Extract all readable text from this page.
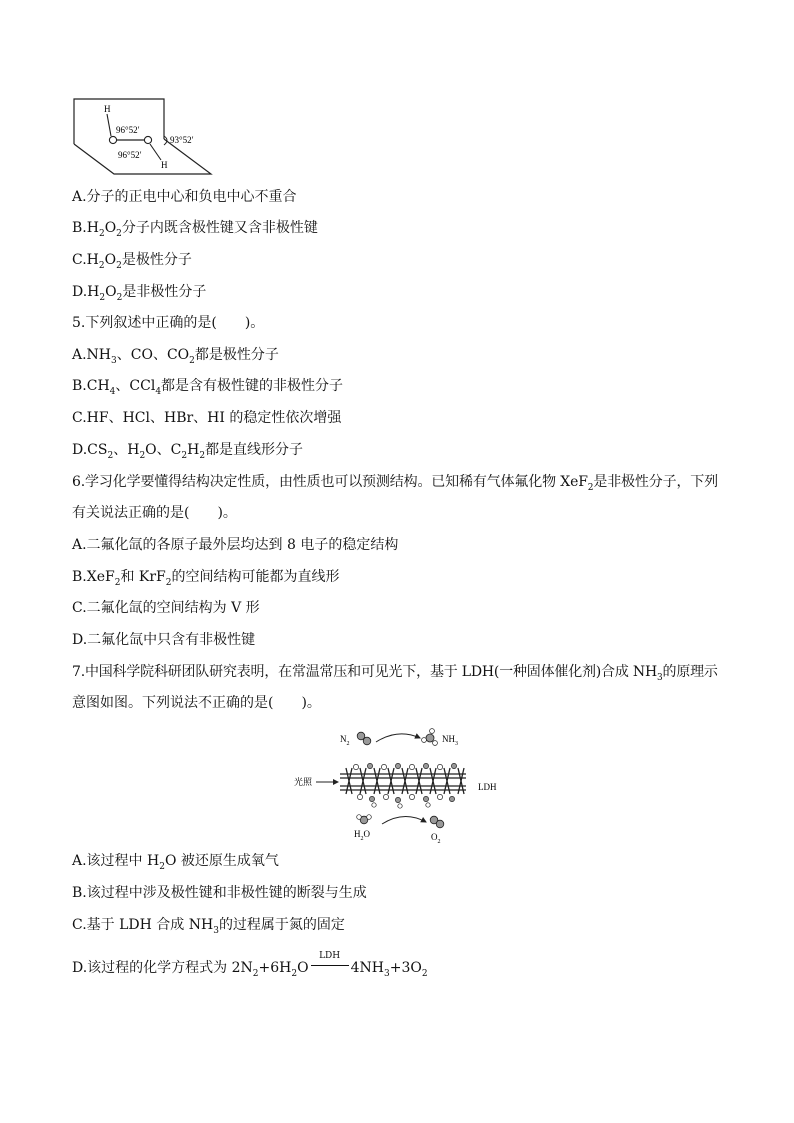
H
H
96°52′
96°52′
93°52′
A.分子的正电中心和负电中心不重合
$B.H_2O_2$分子内既含极性键又含非极性键
$C.H_2O_2$是极性分子
$D.H_2O_2$是非极性分子
5.下列叙述中正确的是(　　)。
$A.NH_3$、CO、$CO_2$都是极性分子
$B.CH_4$、CCl$_4$都是含有极性键的非极性分子
C.HF、HCl、HBr、HI 的稳定性依次增强
$D.CS_2$、$H_2O$、$C_2H_2$都是直线形分子
6.学习化学要懂得结构决定性质，由性质也可以预测结构。已知稀有气体氟化物 XeF$_2$是非极性分子，下列
有关说法正确的是(　　)。
A.二氟化氙的各原子最外层均达到 8 电子的稳定结构
B.XeF$_2$和 KrF$_2$的空间结构可能都为直线形
C.二氟化氙的空间结构为 V 形
D.二氟化氙中只含有非极性键
7.中国科学院科研团队研究表明，在常温常压和可见光下，基于 LDH(一种固体催化剂)合成 $NH_3$的原理示
意图如图。下列说法不正确的是(　　)。
$N_2$	$NH_3$
光照	LDH
$H_2O$	$O_2$
A.该过程中 $H_2O$ 被还原生成氧气
B.该过程中涉及极性键和非极性键的断裂与生成
C.基于 LDH 合成 $NH_3$的过程属于氮的固定
D.该过程的化学方程式为 $2N_2+6H_2O$
LDH
$4NH_3+3O_2$
